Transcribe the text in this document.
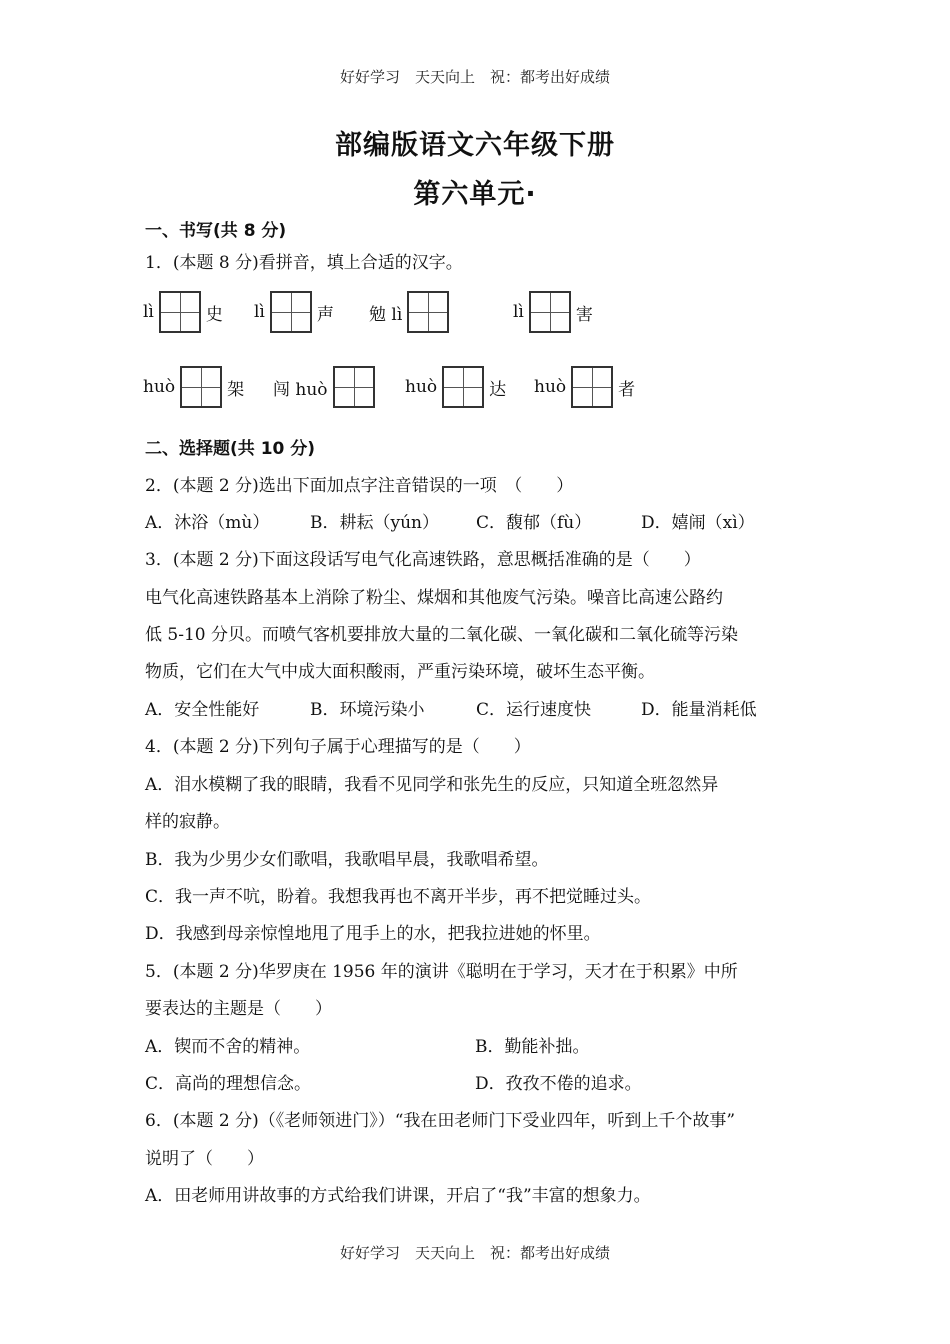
好好学习　天天向上　祝：都考出好成绩
部编版语文六年级下册
第六单元·
一、书写(共 8 分)
1．(本题 8 分)看拼音，填上合适的汉字。
lì	史 lì	声 勉 lì	lì	害
huò	架 闯 huò	huò	达 huò	者
二、选择题(共 10 分)
2．(本题 2 分)选出下面加点字注音错误的一项　（　　）
A．沐浴（mù） B．耕耘（yún） C．馥郁（fù）	D．嬉闹（xì）
3．(本题 2 分)下面这段话写电气化高速铁路，意思概括准确的是（　　）
电气化高速铁路基本上消除了粉尘、煤烟和其他废气污染。噪音比高速公路约
低 5-10 分贝。而喷气客机要排放大量的二氧化碳、一氧化碳和二氧化硫等污染
物质，它们在大气中成大面积酸雨，严重污染环境，破坏生态平衡。
A．安全性能好	B．环境污染小	C．运行速度快	D．能量消耗低
4．(本题 2 分)下列句子属于心理描写的是（　　）
A．泪水模糊了我的眼睛，我看不见同学和张先生的反应，只知道全班忽然异
样的寂静。
B．我为少男少女们歌唱，我歌唱早晨，我歌唱希望。
C．我一声不吭，盼着。我想我再也不离开半步，再不把觉睡过头。
D．我感到母亲惊惶地甩了甩手上的水，把我拉进她的怀里。
5．(本题 2 分)华罗庚在 1956 年的演讲《聪明在于学习，天才在于积累》中所
要表达的主题是（　　）
A．锲而不舍的精神。	B．勤能补拙。
C．高尚的理想信念。	D．孜孜不倦的追求。
6．(本题 2 分)（《老师领进门》）“我在田老师门下受业四年，听到上千个故事”
说明了（　　）
A．田老师用讲故事的方式给我们讲课，开启了“我”丰富的想象力。
好好学习　天天向上　祝：都考出好成绩
